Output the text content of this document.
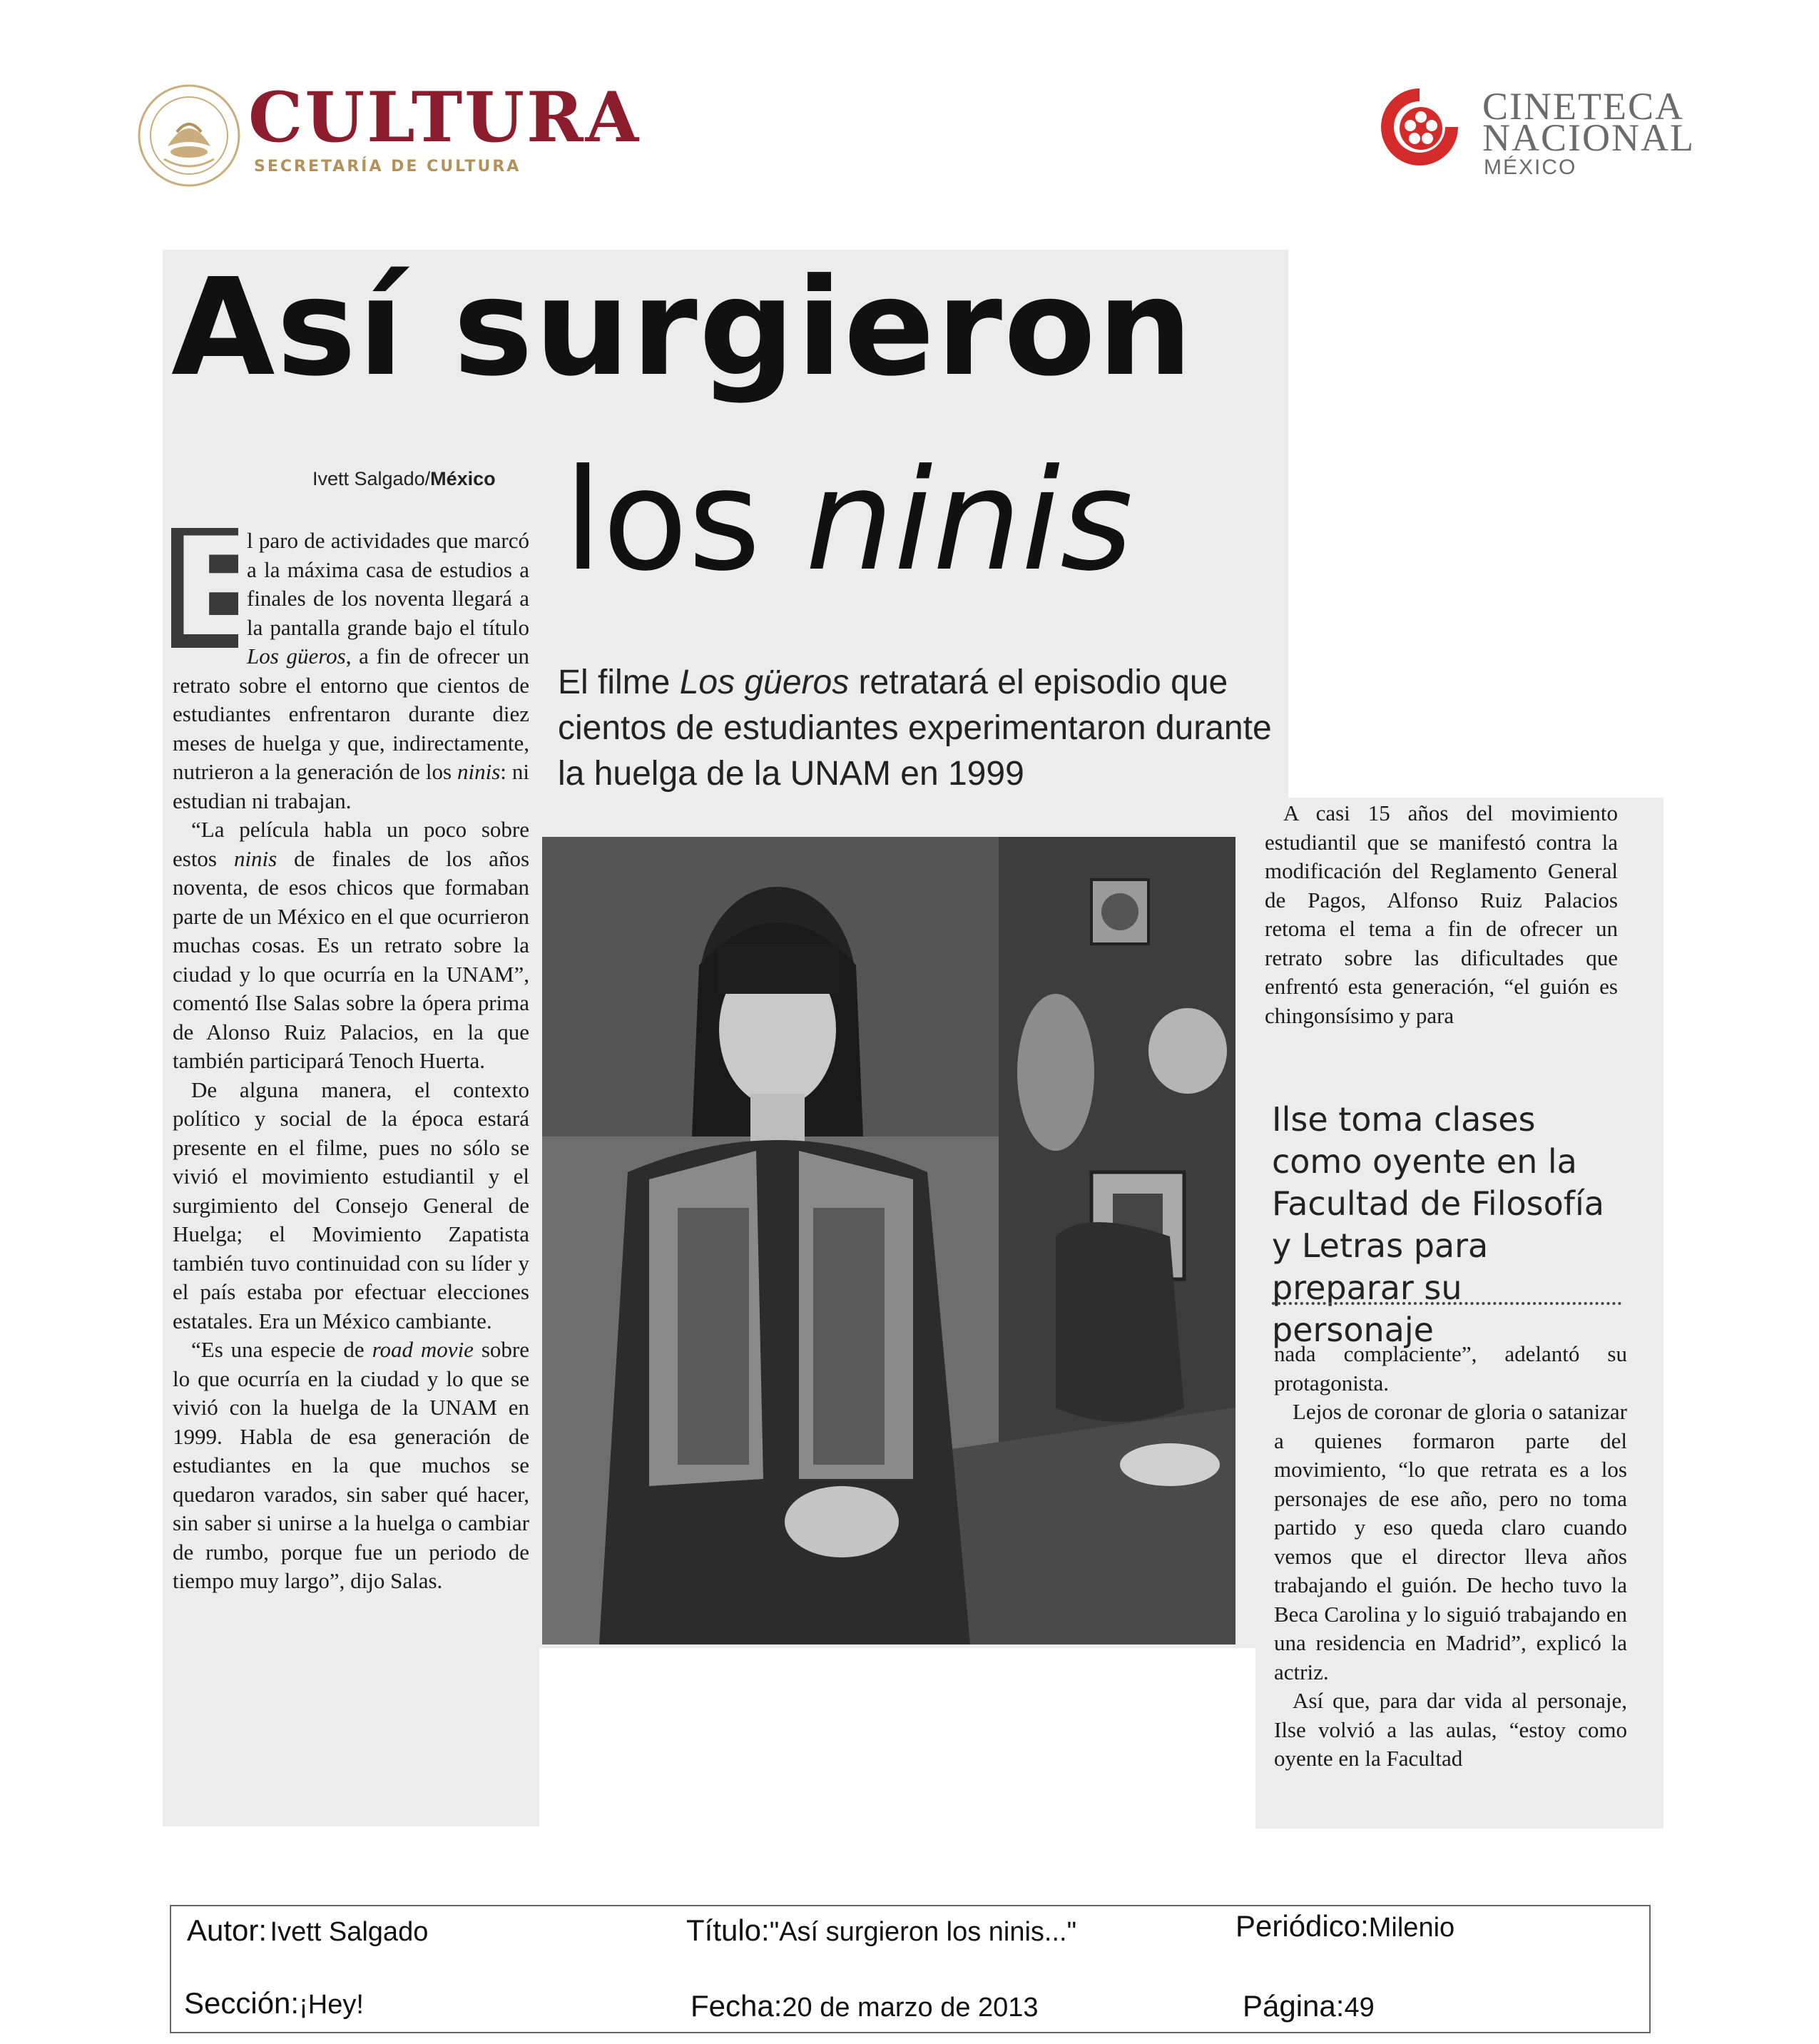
CULTURA
SECRETARÍA DE CULTURA
CINETECA
NACIONAL
MÉXICO
Así surgieron
los ninis
Ivett Salgado/México
El filme Los güeros retratará el episodio que cientos de estudiantes experimentaron durante la huelga de la UNAM en 1999
E

l paro de actividades que marcó a la máxima casa de estudios a finales de los noventa llegará a la pantalla grande bajo el título Los güeros, a fin de ofrecer un retrato sobre el entorno que cientos de estudiantes enfrentaron durante diez meses de huelga y que, indirectamente, nutrieron a la generación de los ninis: ni estudian ni trabajan.

“La película habla un poco sobre estos ninis de finales de los años noventa, de esos chicos que formaban parte de un México en el que ocurrieron muchas cosas. Es un retrato sobre la ciudad y lo que ocurría en la UNAM”, comentó Ilse Salas sobre la ópera prima de Alonso Ruiz Palacios, en la que también participará Tenoch Huerta.

De alguna manera, el contexto político y social de la época estará presente en el filme, pues no sólo se vivió el movimiento estudiantil y el surgimiento del Consejo General de Huelga; el Movimiento Zapatista también tuvo continuidad con su líder y el país estaba por efectuar elecciones estatales. Era un México cambiante.

“Es una especie de road movie sobre lo que ocurría en la ciudad y lo que se vivió con la huelga de la UNAM en 1999. Habla de esa generación de estudiantes en la que muchos se quedaron varados, sin saber qué hacer, sin saber si unirse a la huelga o cambiar de rumbo, porque fue un periodo de tiempo muy largo”, dijo Salas.

A casi 15 años del movimiento estudiantil que se manifestó contra la modificación del Reglamento General de Pagos, Alfonso Ruiz Palacios retoma el tema a fin de ofrecer un retrato sobre las dificultades que enfrentó esta generación, “el guión es chingonsísimo y para

Ilse toma clases como oyente en la Facultad de Filosofía y Letras para preparar su personaje

nada complaciente”, adelantó su protagonista.

Lejos de coronar de gloria o satanizar a quienes formaron parte del movimiento, “lo que retrata es a los personajes de ese año, pero no toma partido y eso queda claro cuando vemos que el director lleva años trabajando el guión. De hecho tuvo la Beca Carolina y lo siguió trabajando en una residencia en Madrid”, explicó la actriz.

Así que, para dar vida al personaje, Ilse volvió a las aulas, “estoy como oyente en la Facultad

Autor: Ivett Salgado	Título:"Así surgieron los ninis..."	Periódico:Milenio
Sección:¡Hey!	Fecha:20 de marzo de 2013	Página:49
